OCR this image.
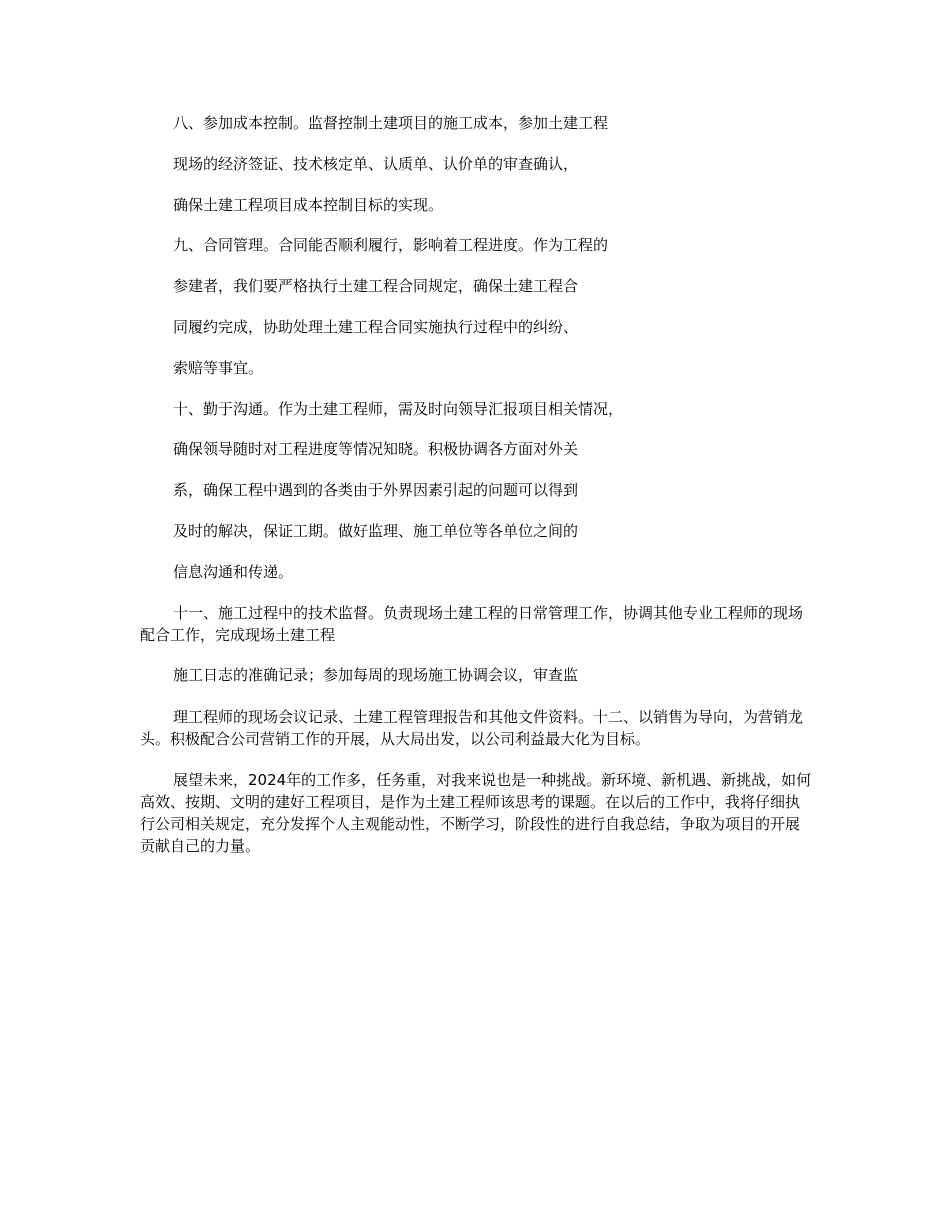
八、参加成本控制。监督控制土建项目的施工成本，参加土建工程
现场的经济签证、技术核定单、认质单、认价单的审查确认，
确保土建工程项目成本控制目标的实现。
九、合同管理。合同能否顺利履行，影响着工程进度。作为工程的
参建者，我们要严格执行土建工程合同规定，确保土建工程合
同履约完成，协助处理土建工程合同实施执行过程中的纠纷、
索赔等事宜。
十、勤于沟通。作为土建工程师，需及时向领导汇报项目相关情况，
确保领导随时对工程进度等情况知晓。积极协调各方面对外关
系，确保工程中遇到的各类由于外界因素引起的问题可以得到
及时的解决，保证工期。做好监理、施工单位等各单位之间的
信息沟通和传递。
十一、施工过程中的技术监督。负责现场土建工程的日常管理工作，协调其他专业工程师的现场配合工作，完成现场土建工程
施工日志的准确记录；参加每周的现场施工协调会议，审查监
理工程师的现场会议记录、土建工程管理报告和其他文件资料。十二、以销售为导向，为营销龙头。积极配合公司营销工作的开展，从大局出发，以公司利益最大化为目标。
展望未来，2024年的工作多，任务重，对我来说也是一种挑战。新环境、新机遇、新挑战，如何高效、按期、文明的建好工程项目，是作为土建工程师该思考的课题。在以后的工作中，我将仔细执行公司相关规定，充分发挥个人主观能动性，不断学习，阶段性的进行自我总结，争取为项目的开展贡献自己的力量。
